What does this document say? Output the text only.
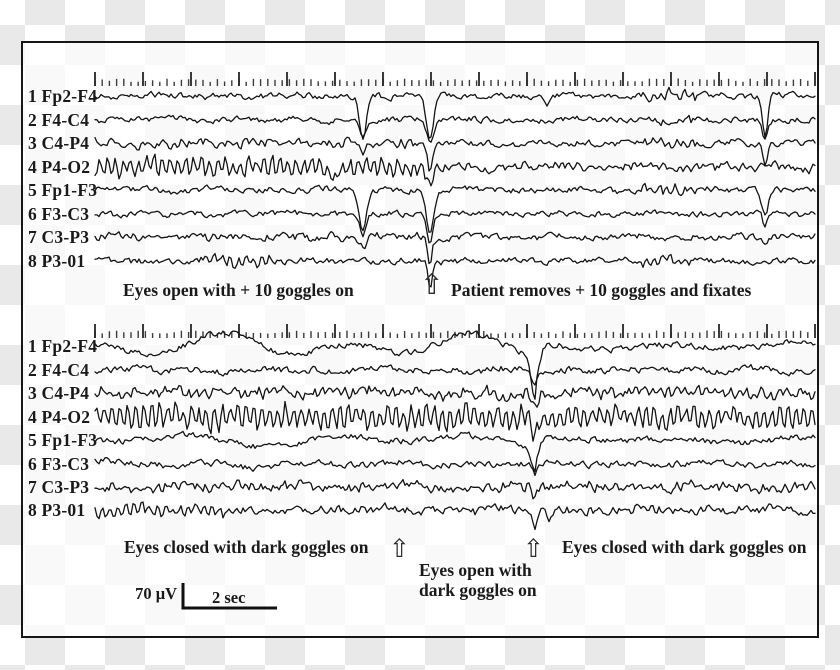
1 Fp2-F4
2 F4-C4
3 C4-P4
4 P4-O2
5 Fp1-F3
6 F3-C3
7 C3-P3
8 P3-01
1 Fp2-F4
2 F4-C4
3 C4-P4
4 P4-O2
5 Fp1-F3
6 F3-C3
7 C3-P3
8 P3-01
Eyes open with + 10 goggles on ⇧ Patient removes + 10 goggles and fixates
Eyes closed with dark goggles on ⇧	⇧ Eyes closed with dark goggles on
Eyes open with
dark goggles on
70 μV 2 sec
